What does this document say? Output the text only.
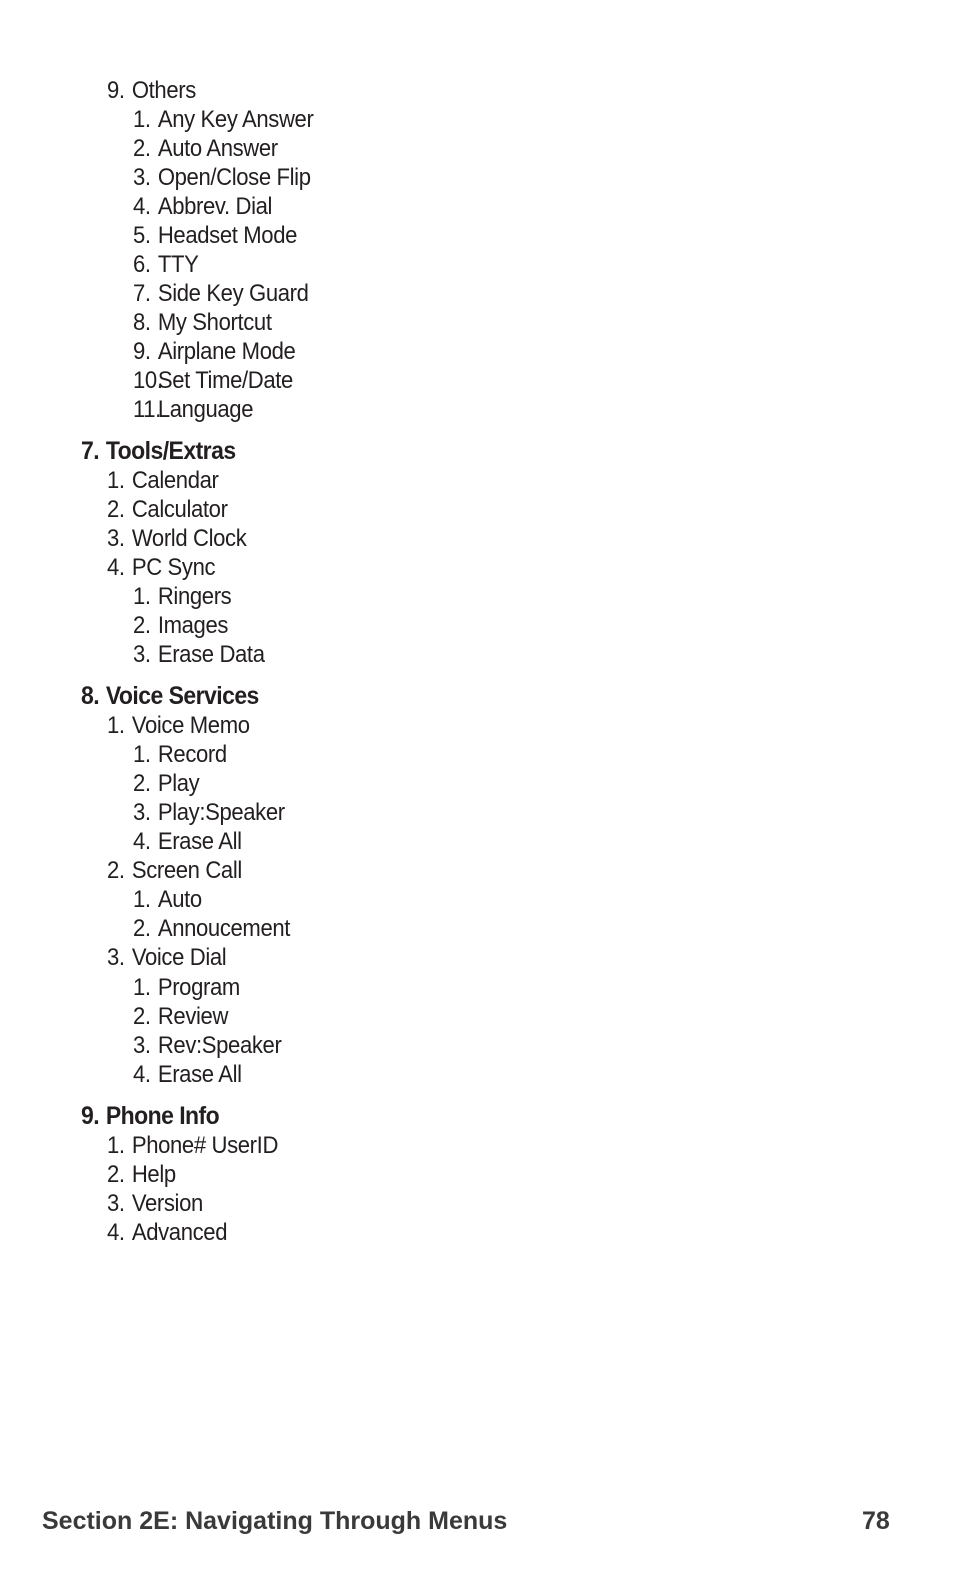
9. Others
1. Any Key Answer
2. Auto Answer
3. Open/Close Flip
4. Abbrev. Dial
5. Headset Mode
6. TTY
7. Side Key Guard
8. My Shortcut
9. Airplane Mode
10.Set Time/Date
11.Language
7. Tools/Extras
1. Calendar
2. Calculator
3. World Clock
4. PC Sync
1. Ringers
2. Images
3. Erase Data
8. Voice Services
1. Voice Memo
1. Record
2. Play
3. Play:Speaker
4. Erase All
2. Screen Call
1. Auto
2. Annoucement
3. Voice Dial
1. Program
2. Review
3. Rev:Speaker
4. Erase All
9. Phone Info
1. Phone# UserID
2. Help
3. Version
4. Advanced
Section 2E: Navigating Through Menus	78
